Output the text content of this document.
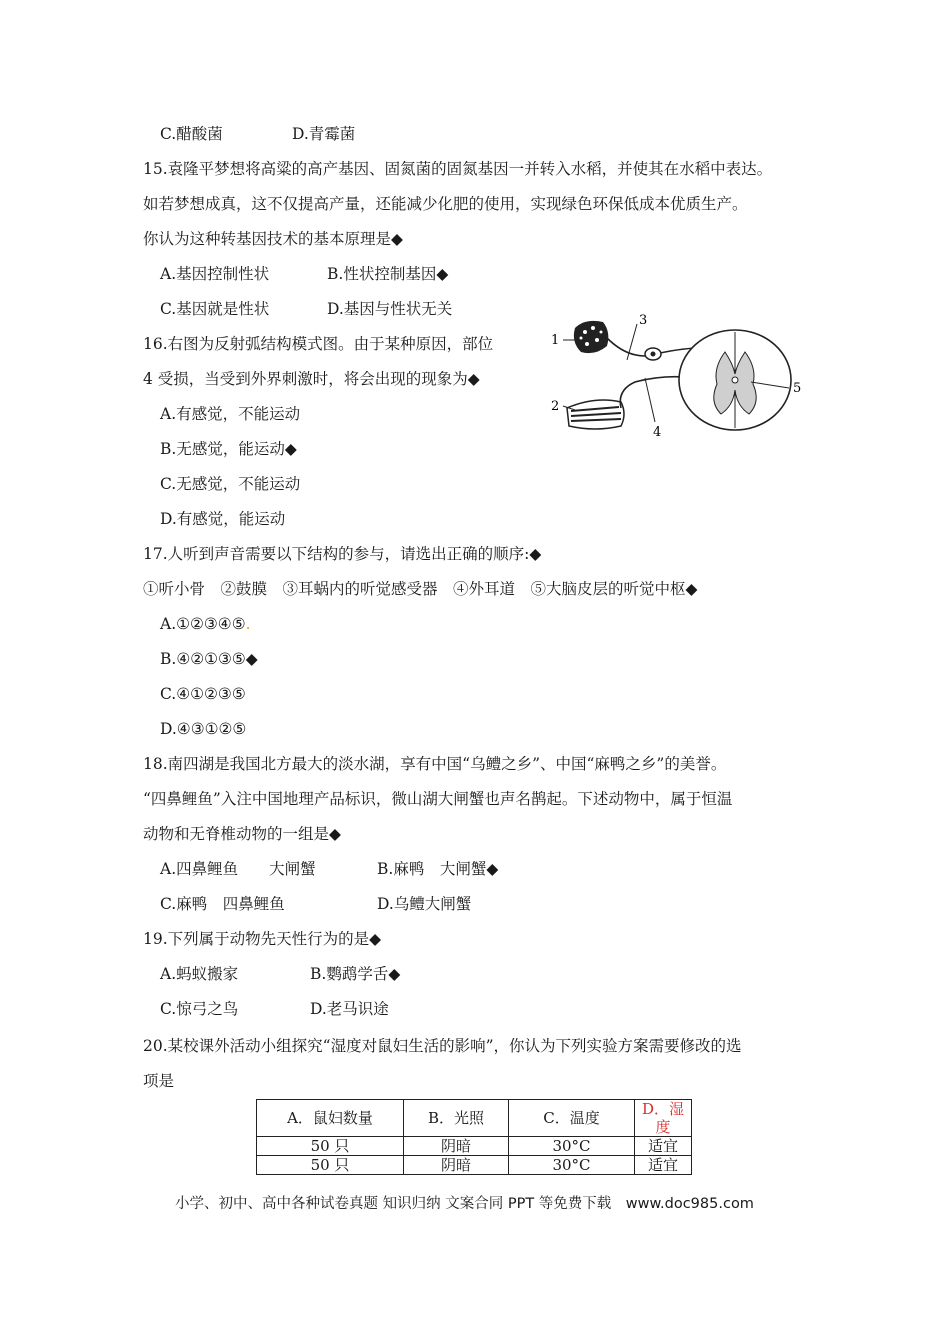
C.醋酸菌	D.青霉菌
15.袁隆平梦想将高粱的高产基因、固氮菌的固氮基因一并转入水稻，并使其在水稻中表达。
如若梦想成真，这不仅提高产量，还能减少化肥的使用，实现绿色环保低成本优质生产。
你认为这种转基因技术的基本原理是◆
A.基因控制性状	B.性状控制基因◆
C.基因就是性状	D.基因与性状无关
16.右图为反射弧结构模式图。由于某种原因，部位
4 受损，当受到外界刺激时，将会出现的现象为◆
A.有感觉，不能运动
B.无感觉，能运动◆
C.无感觉，不能运动
D.有感觉，能运动
1
2
3
4
5
17.人听到声音需要以下结构的参与，请选出正确的顺序:◆
①听小骨　②鼓膜　③耳蜗内的听觉感受器　④外耳道　⑤大脑皮层的听觉中枢◆
A.①②③④⑤.
B.④②①③⑤◆
C.④①②③⑤
D.④③①②⑤
18.南四湖是我国北方最大的淡水湖，享有中国“乌鳢之乡”、中国“麻鸭之乡”的美誉。
“四鼻鲤鱼”入注中国地理产品标识，微山湖大闸蟹也声名鹊起。下述动物中，属于恒温
动物和无脊椎动物的一组是◆
A.四鼻鲤鱼　　大闸蟹	B.麻鸭　大闸蟹◆
C.麻鸭　四鼻鲤鱼	D.乌鳢大闸蟹
19.下列属于动物先天性行为的是◆
A.蚂蚁搬家	B.鹦鹉学舌◆
C.惊弓之鸟	D.老马识途
20.某校课外活动小组探究“湿度对鼠妇生活的影响”，你认为下列实验方案需要修改的选
项是
A．鼠妇数量	B．光照	C．温度	D．湿度
50 只	阴暗	30°C	适宜
50 只	阴暗	30°C	适宜
小学、初中、高中各种试卷真题 知识归纳 文案合同 PPT 等免费下载　www.doc985.com
